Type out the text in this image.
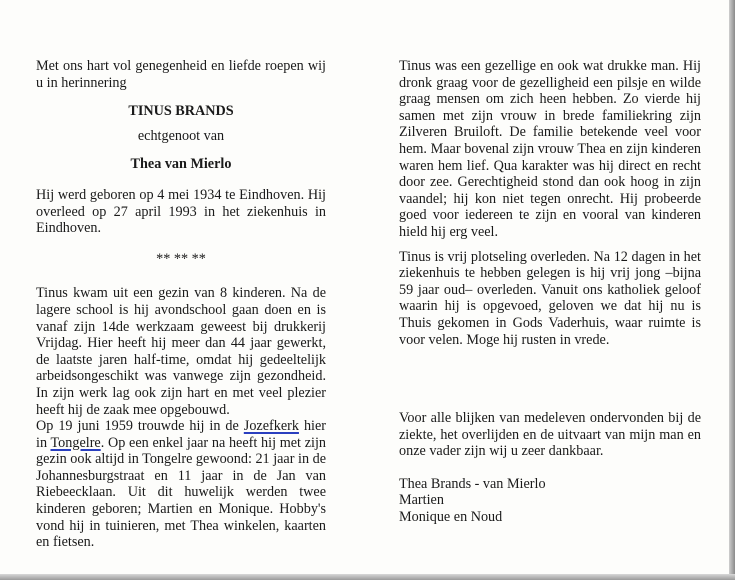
Met ons hart vol genegenheid en liefde roepen wij u in herinnering

TINUS BRANDS

echtgenoot van

Thea van Mierlo

Hij werd geboren op 4 mei 1934 te Eindhoven. Hij overleed op 27 april 1993 in het ziekenhuis in Eindhoven.

** ** **

Tinus kwam uit een gezin van 8 kinderen. Na de lagere school is hij avondschool gaan doen en is vanaf zijn 14de werkzaam geweest bij drukkerij Vrijdag. Hier heeft hij meer dan 44 jaar gewerkt, de laatste jaren half-time, omdat hij gedeeltelijk arbeidsongeschikt was vanwege zijn gezondheid. In zijn werk lag ook zijn hart en met veel plezier heeft hij de zaak mee opgebouwd.

Op 19 juni 1959 trouwde hij in de Jozefkerk hier in Tongelre. Op een enkel jaar na heeft hij met zijn gezin ook altijd in Tongelre gewoond: 21 jaar in de Johannesburgstraat en 11 jaar in de Jan van Riebeecklaan. Uit dit huwelijk werden twee kinderen geboren; Martien en Monique. Hobby's vond hij in tuinieren, met Thea winkelen, kaarten en fietsen.

Tinus was een gezellige en ook wat drukke man. Hij dronk graag voor de gezelligheid een pilsje en wilde graag mensen om zich heen hebben. Zo vierde hij samen met zijn vrouw in brede familiekring zijn Zilveren Bruiloft. De familie betekende veel voor hem. Maar bovenal zijn vrouw Thea en zijn kinderen waren hem lief. Qua karakter was hij direct en recht door zee. Gerechtigheid stond dan ook hoog in zijn vaandel; hij kon niet tegen onrecht. Hij probeerde goed voor iedereen te zijn en vooral van kinderen hield hij erg veel.

Tinus is vrij plotseling overleden. Na 12 dagen in het ziekenhuis te hebben gelegen is hij vrij jong –bijna 59 jaar oud– overleden. Vanuit ons katholiek geloof waarin hij is opgevoed, geloven we dat hij nu is Thuis gekomen in Gods Vaderhuis, waar ruimte is voor velen. Moge hij rusten in vrede.

Voor alle blijken van medeleven ondervonden bij de ziekte, het overlijden en de uitvaart van mijn man en onze vader zijn wij u zeer dankbaar.

Thea Brands - van Mierlo

Martien

Monique en Noud
